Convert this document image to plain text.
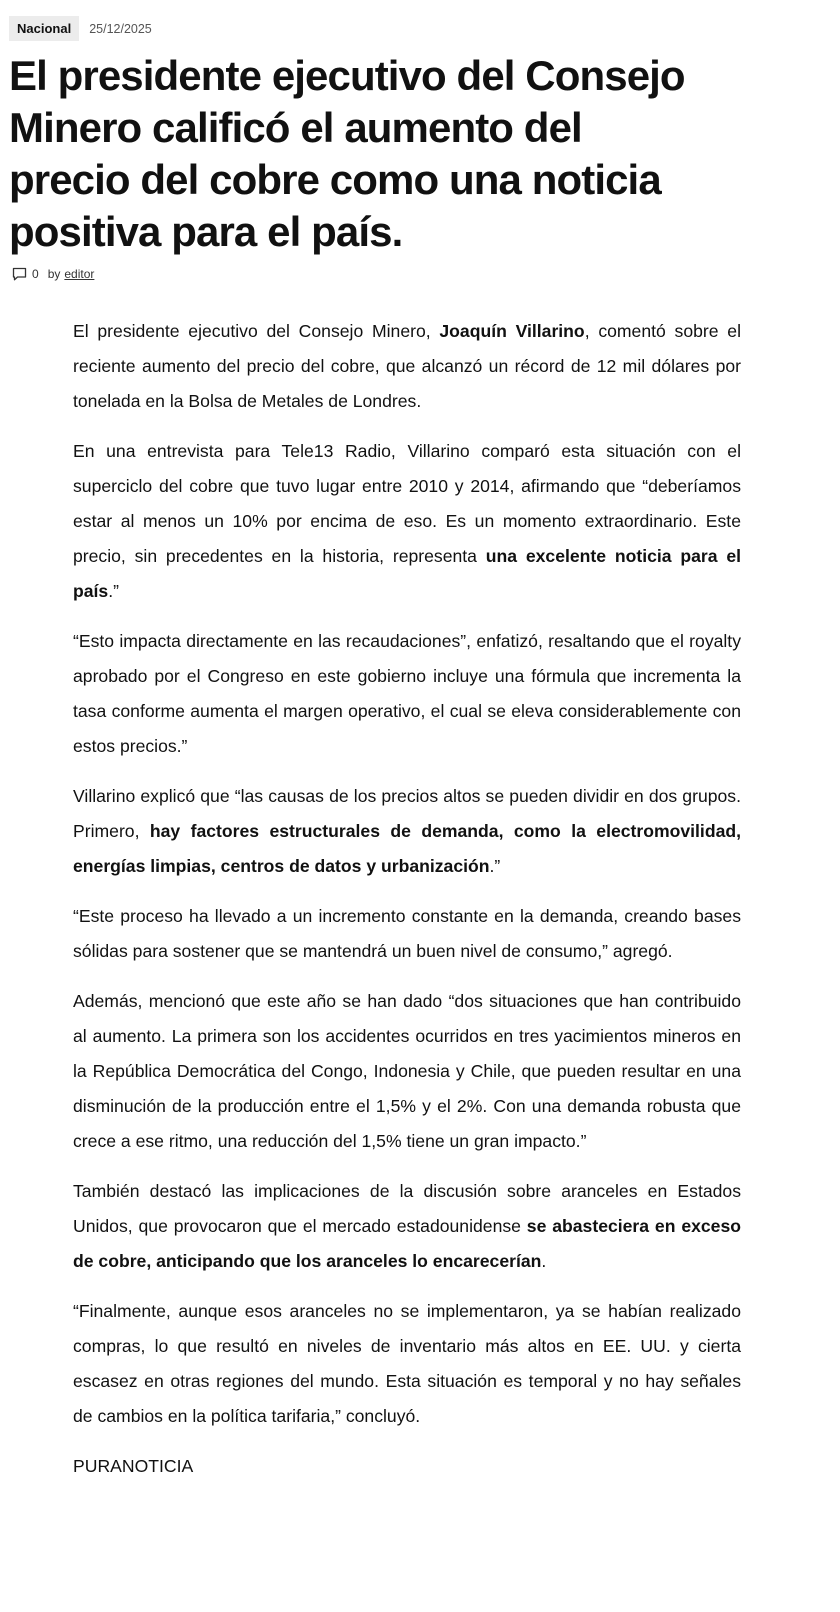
Nacional	25/12/2025
El presidente ejecutivo del Consejo Minero calificó el aumento del precio del cobre como una noticia positiva para el país.
0 by editor

El presidente ejecutivo del Consejo Minero, Joaquín Villarino, comentó sobre el reciente aumento del precio del cobre, que alcanzó un récord de 12 mil dólares por tonelada en la Bolsa de Metales de Londres.

En una entrevista para Tele13 Radio, Villarino comparó esta situación con el superciclo del cobre que tuvo lugar entre 2010 y 2014, afirmando que “deberíamos estar al menos un 10% por encima de eso. Es un momento extraordinario. Este precio, sin precedentes en la historia, representa una excelente noticia para el país.”

“Esto impacta directamente en las recaudaciones”, enfatizó, resaltando que el royalty aprobado por el Congreso en este gobierno incluye una fórmula que incrementa la tasa conforme aumenta el margen operativo, el cual se eleva considerablemente con estos precios.”

Villarino explicó que “las causas de los precios altos se pueden dividir en dos grupos. Primero, hay factores estructurales de demanda, como la electromovilidad, energías limpias, centros de datos y urbanización.”

“Este proceso ha llevado a un incremento constante en la demanda, creando bases sólidas para sostener que se mantendrá un buen nivel de consumo,” agregó.

Además, mencionó que este año se han dado “dos situaciones que han contribuido al aumento. La primera son los accidentes ocurridos en tres yacimientos mineros en la República Democrática del Congo, Indonesia y Chile, que pueden resultar en una disminución de la producción entre el 1,5% y el 2%. Con una demanda robusta que crece a ese ritmo, una reducción del 1,5% tiene un gran impacto.”

También destacó las implicaciones de la discusión sobre aranceles en Estados Unidos, que provocaron que el mercado estadounidense se abasteciera en exceso de cobre, anticipando que los aranceles lo encarecerían.

“Finalmente, aunque esos aranceles no se implementaron, ya se habían realizado compras, lo que resultó en niveles de inventario más altos en EE. UU. y cierta escasez en otras regiones del mundo. Esta situación es temporal y no hay señales de cambios en la política tarifaria,” concluyó.

PURANOTICIA
